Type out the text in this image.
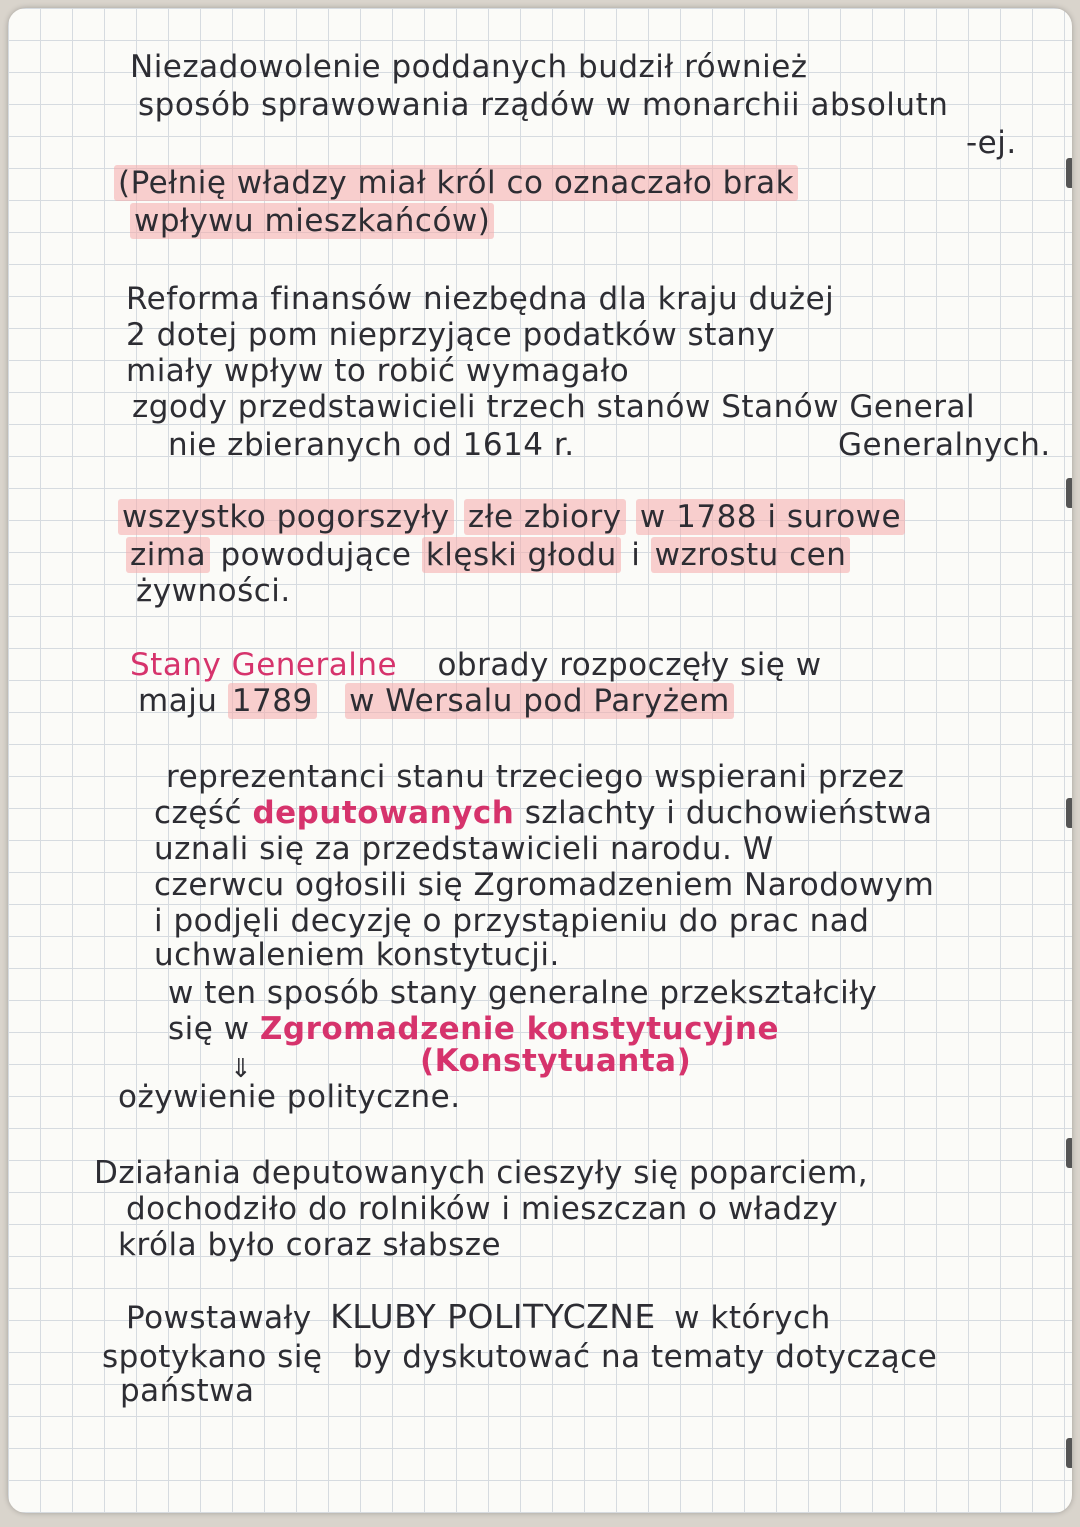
Niezadowolenie poddanych budził również
sposób sprawowania rządów w monarchii absolutn
-ej.
(Pełnię władzy miał król co oznaczało brak
wpływu mieszkańców)
Reforma finansów niezbędna dla kraju dużej
2 dotej pom nieprzyjące podatków stany
miały wpływ to robić wymagało
zgody przedstawicieli trzech stanów Stanów General
nie zbieranych od 1614 r.	Generalnych.
wszystko pogorszyły złe zbiory w 1788 i surowe
zima powodujące klęski głodu i wzrostu cen
żywności.
Stany Generalne obrady rozpoczęły się w
maju 1789 w Wersalu pod Paryżem
reprezentanci stanu trzeciego wspierani przez
część deputowanych szlachty i duchowieństwa
uznali się za przedstawicieli narodu. W
czerwcu ogłosili się Zgromadzeniem Narodowym
i podjęli decyzję o przystąpieniu do prac nad
uchwaleniem konstytucji.
w ten sposób stany generalne przekształciły
się w Zgromadzenie konstytucyjne
⇓	(Konstytuanta)
ożywienie polityczne.
Działania deputowanych cieszyły się poparciem,
dochodziło do rolników i mieszczan o władzy
króla było coraz słabsze
Powstawały KLUBY POLITYCZNE w których
spotykano się by dyskutować na tematy dotyczące
państwa
